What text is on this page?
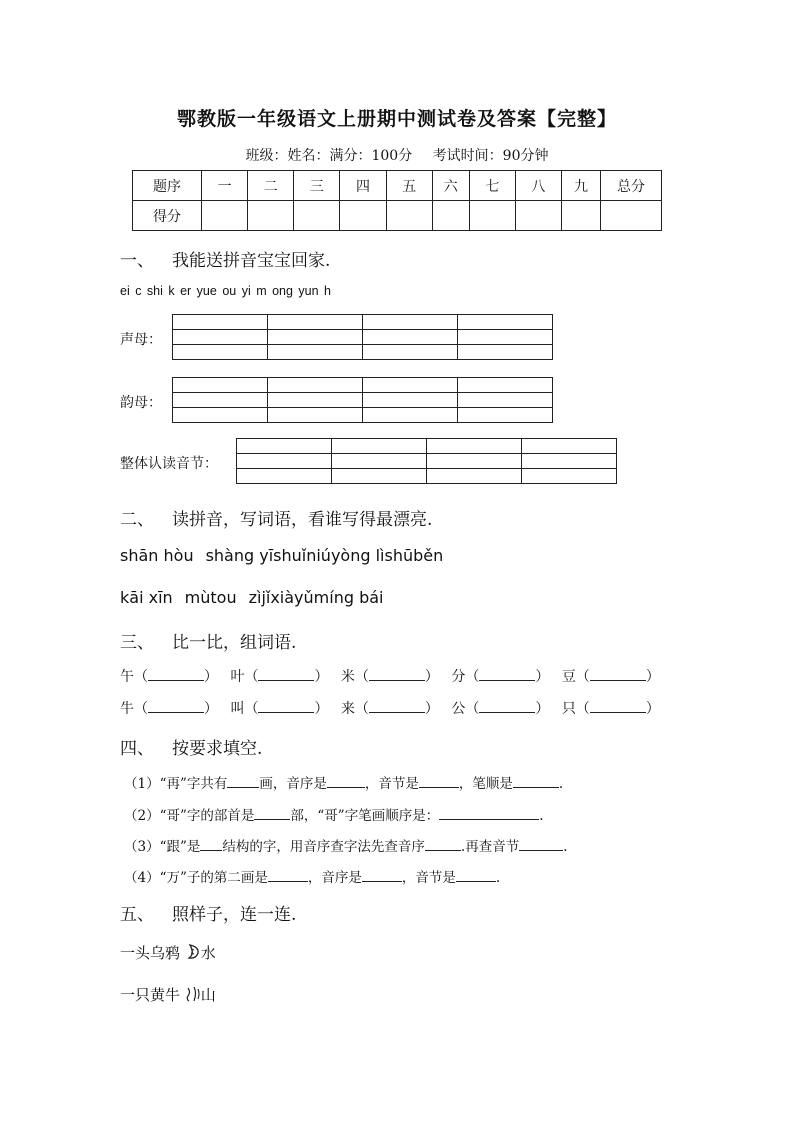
鄂教版一年级语文上册期中测试卷及答案【完整】
班级：姓名：满分：100分 考试时间：90分钟
题序	一	二	三	四	五	六	七	八	九	总分
得分										
一、 我能送拼音宝宝回家.
ei c shi k er yue ou yi m ong yun h
声母：

韵母：

整体认读音节：

二、 读拼音，写词语，看谁写得最漂亮.
shān hòu shàng yīshuǐniúyòng lìshūběn
kāi xīn mùtou zìjǐxiàyǔmíng bái
三、 比一比，组词语.
午（	） 叶（	） 米（	） 分（	） 豆（	）
牛（	） 叫（	） 来（	） 公（	） 只（	）
四、 按要求填空.
（1）“再”字共有 画，音序是	，音节是	，笔顺是	.
（2）“哥”字的部首是	部，“哥”字笔画顺序是：	.
（3）“跟”是 结构的字，用音序查字法先查音序	.再查音节	.
（4）“万”子的第二画是	，音序是	，音节是	.
五、 照样子，连一连.
一头乌鸦 水
一只黄牛 山
